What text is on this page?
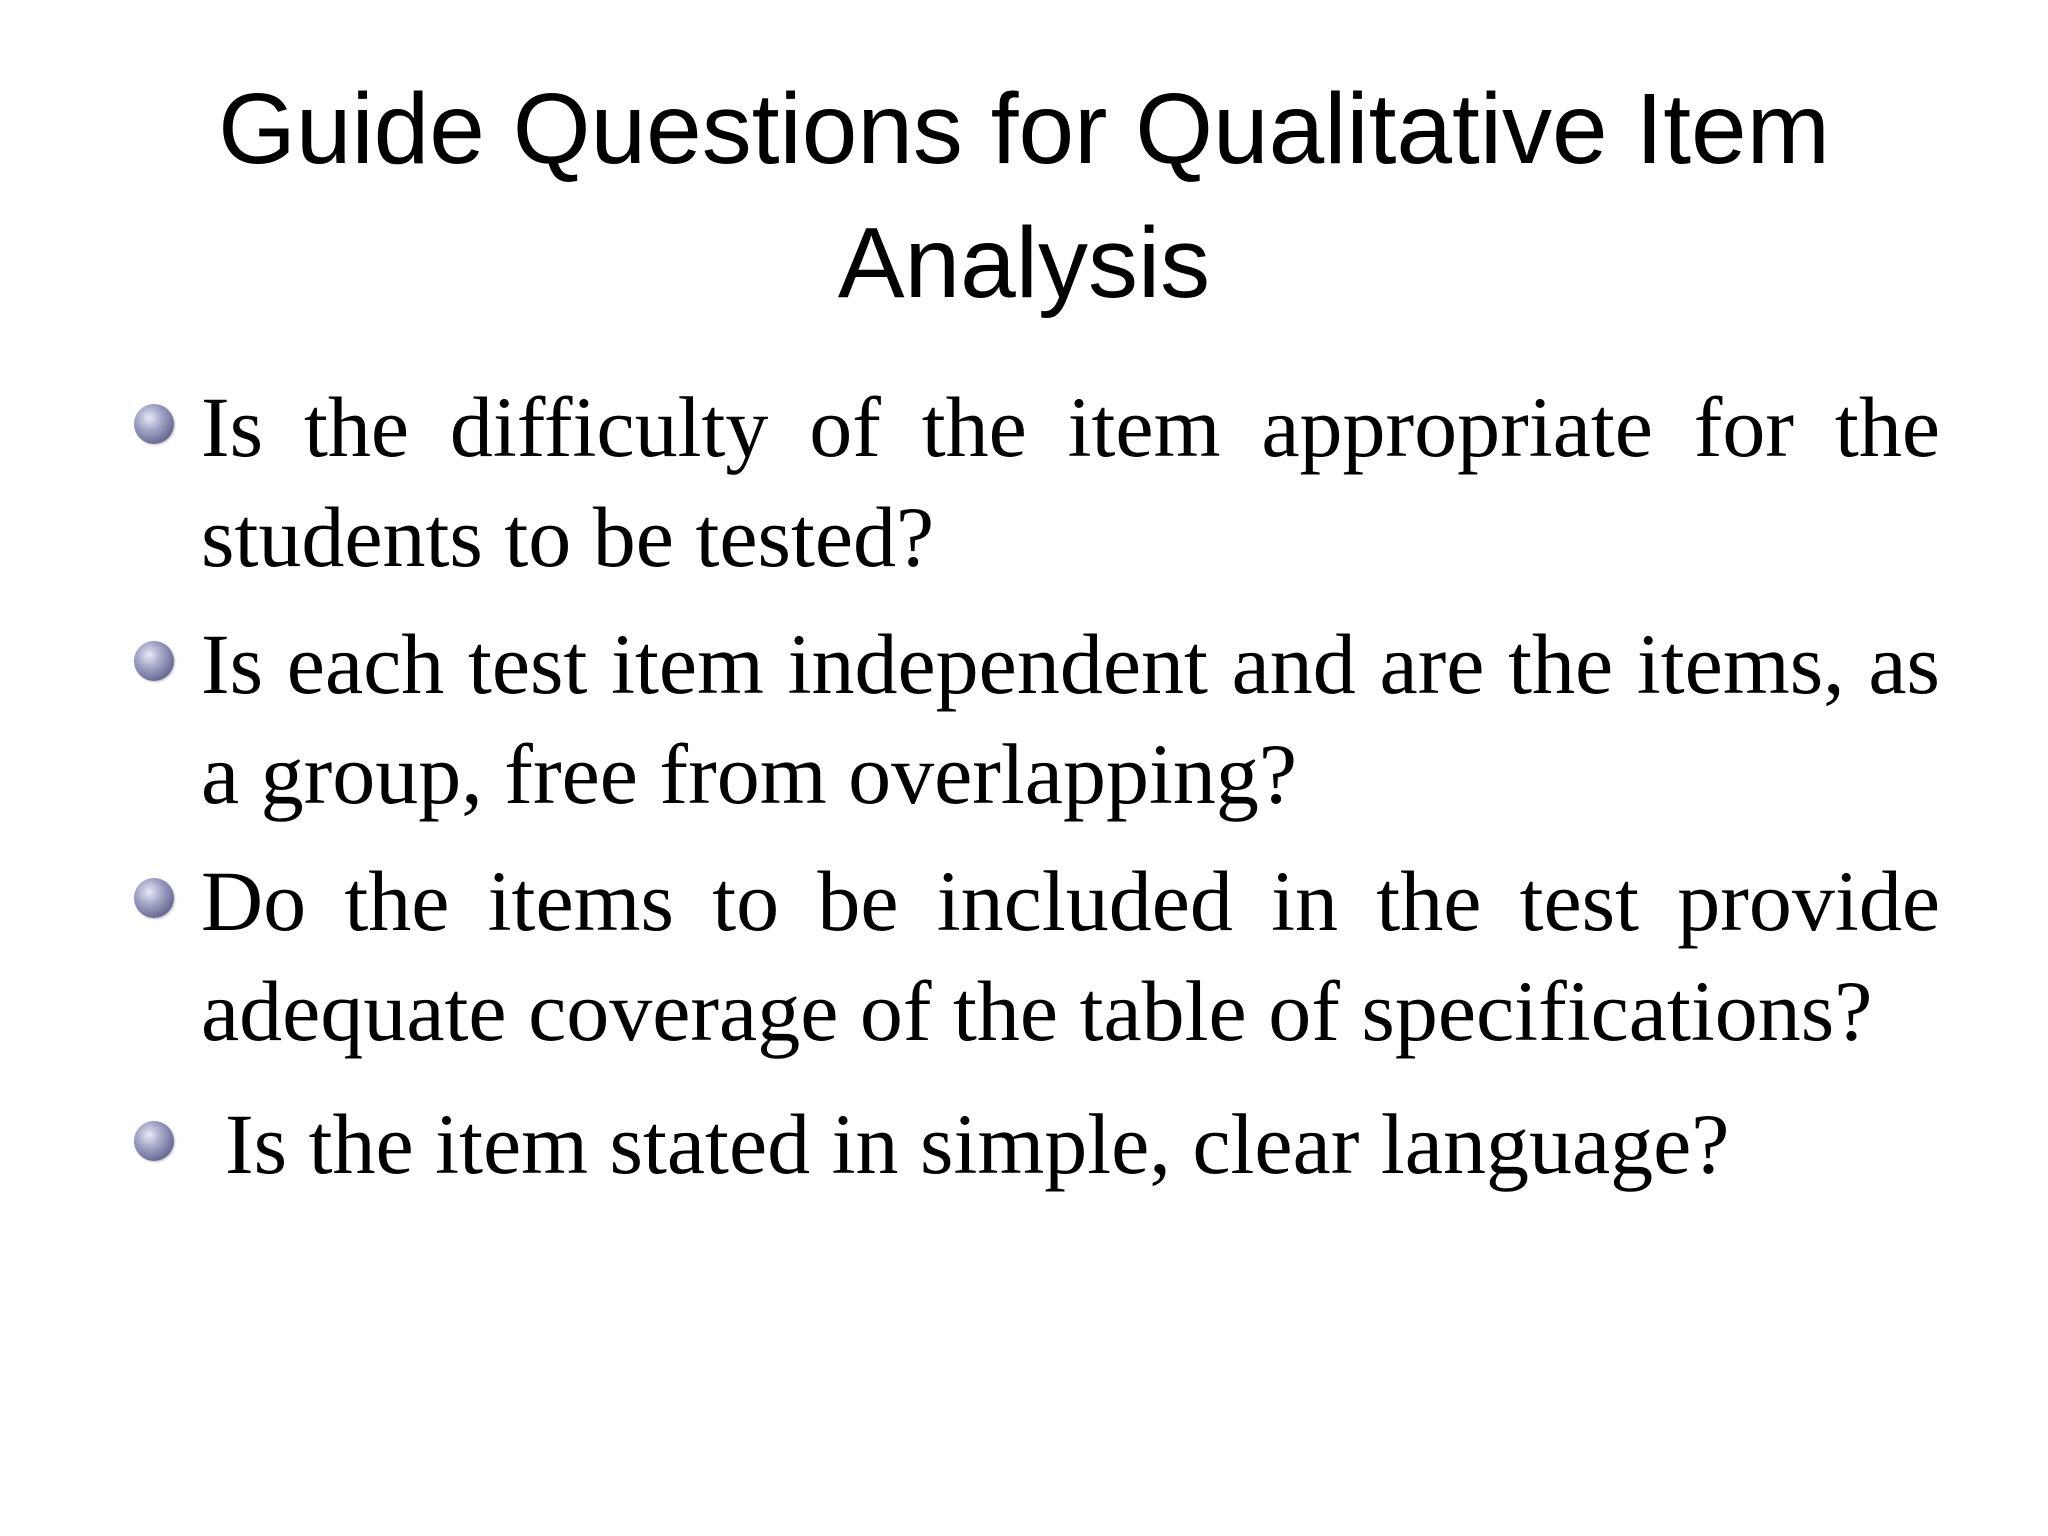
Guide Questions for Qualitative Item
Analysis
Is the difficulty of the item appropriate for the students to be tested?
Is each test item independent and are the items, as a group, free from overlapping?
Do the items to be included in the test provide adequate coverage of the table of specifications?
Is the item stated in simple, clear language?
